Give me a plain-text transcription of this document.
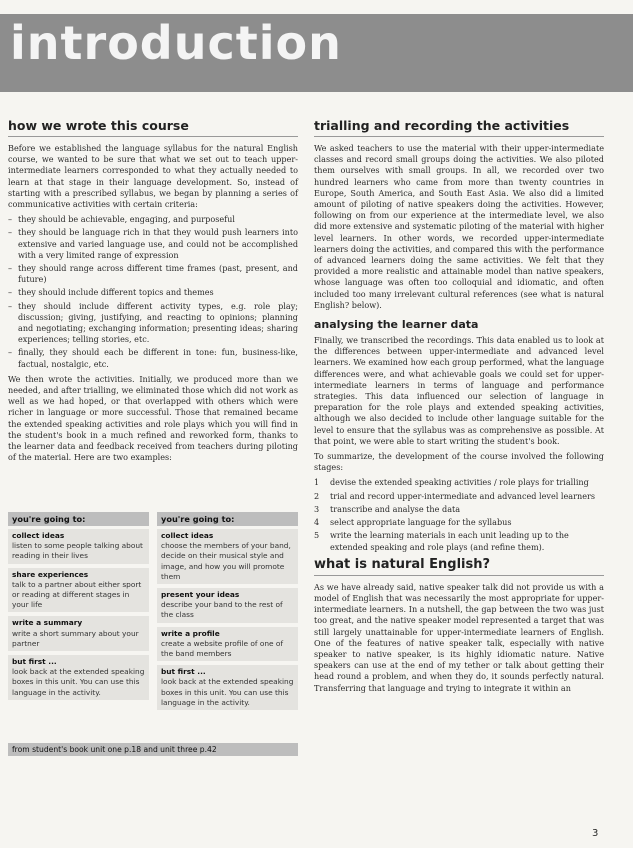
introduction
how we wrote this course

Before we established the language syllabus for the natural English course, we wanted to be sure that what we set out to teach upper-intermediate learners corresponded to what they actually needed to learn at that stage in their language development. So, instead of starting with a prescribed syllabus, we began by planning a series of communicative activities with certain criteria:

– they should be achievable, engaging, and purposeful
– they should be language rich in that they would push learners into extensive and varied language use, and could not be accomplished with a very limited range of expression
– they should range across different time frames (past, present, and future)
– they should include different topics and themes
– they should include different activity types, e.g. role play; discussion; giving, justifying, and reacting to opinions; planning and negotiating; exchanging information; presenting ideas; sharing experiences; telling stories, etc.
– finally, they should each be different in tone: fun, business-like, factual, nostalgic, etc.

We then wrote the activities. Initially, we produced more than we needed, and after trialling, we eliminated those which did not work as well as we had hoped, or that overlapped with others which were richer in language or more successful. Those that remained became the extended speaking activities and role plays which you will find in the student's book in a much refined and reworked form, thanks to the learner data and feedback received from teachers during piloting of the material. Here are two examples:

you're going to:
collect ideas
listen to some people talking about reading in their lives
share experiences
talk to a partner about either sport or reading at different stages in your life
write a summary
write a short summary about your partner
but first ...
look back at the extended speaking boxes in this unit. You can use this language in the activity.
you're going to:
collect ideas
choose the members of your band, decide on their musical style and image, and how you will promote them
present your ideas
describe your band to the rest of the class
write a profile
create a website profile of one of the band members
but first ...
look back at the extended speaking boxes in this unit. You can use this language in the activity.
from student's book unit one p.18 and unit three p.42
trialling and recording the activities

We asked teachers to use the material with their upper-intermediate classes and record small groups doing the activities. We also piloted them ourselves with small groups. In all, we recorded over two hundred learners who came from more than twenty countries in Europe, South America, and South East Asia. We also did a limited amount of piloting of native speakers doing the activities. However, following on from our experience at the intermediate level, we also did more extensive and systematic piloting of the material with higher level learners. In other words, we recorded upper-intermediate learners doing the activities, and compared this with the performance of advanced learners doing the same activities. We felt that they provided a more realistic and attainable model than native speakers, whose language was often too colloquial and idiomatic, and often included too many irrelevant cultural references (see what is natural English? below).

analysing the learner data

Finally, we transcribed the recordings. This data enabled us to look at the differences between upper-intermediate and advanced level learners. We examined how each group performed, what the language differences were, and what achievable goals we could set for upper-intermediate learners in terms of language and performance strategies. This data influenced our selection of language in preparation for the role plays and extended speaking activities, although we also decided to include other language suitable for the level to ensure that the syllabus was as comprehensive as possible. At that point, we were able to start writing the student's book.

To summarize, the development of the course involved the following stages:

1 devise the extended speaking activities / role plays for trialling
2 trial and record upper-intermediate and advanced level learners
3 transcribe and analyse the data
4 select appropriate language for the syllabus
5 write the learning materials in each unit leading up to the extended speaking and role plays (and refine them).
what is natural English?

As we have already said, native speaker talk did not provide us with a model of English that was necessarily the most appropriate for upper-intermediate learners. In a nutshell, the gap between the two was just too great, and the native speaker model represented a target that was still largely unattainable for upper-intermediate learners of English. One of the features of native speaker talk, especially with native speaker to native speaker, is its highly idiomatic nature. Native speakers can use at the end of my tether or talk about getting their head round a problem, and when they do, it sounds perfectly natural. Transferring that language and trying to integrate it within an

3
